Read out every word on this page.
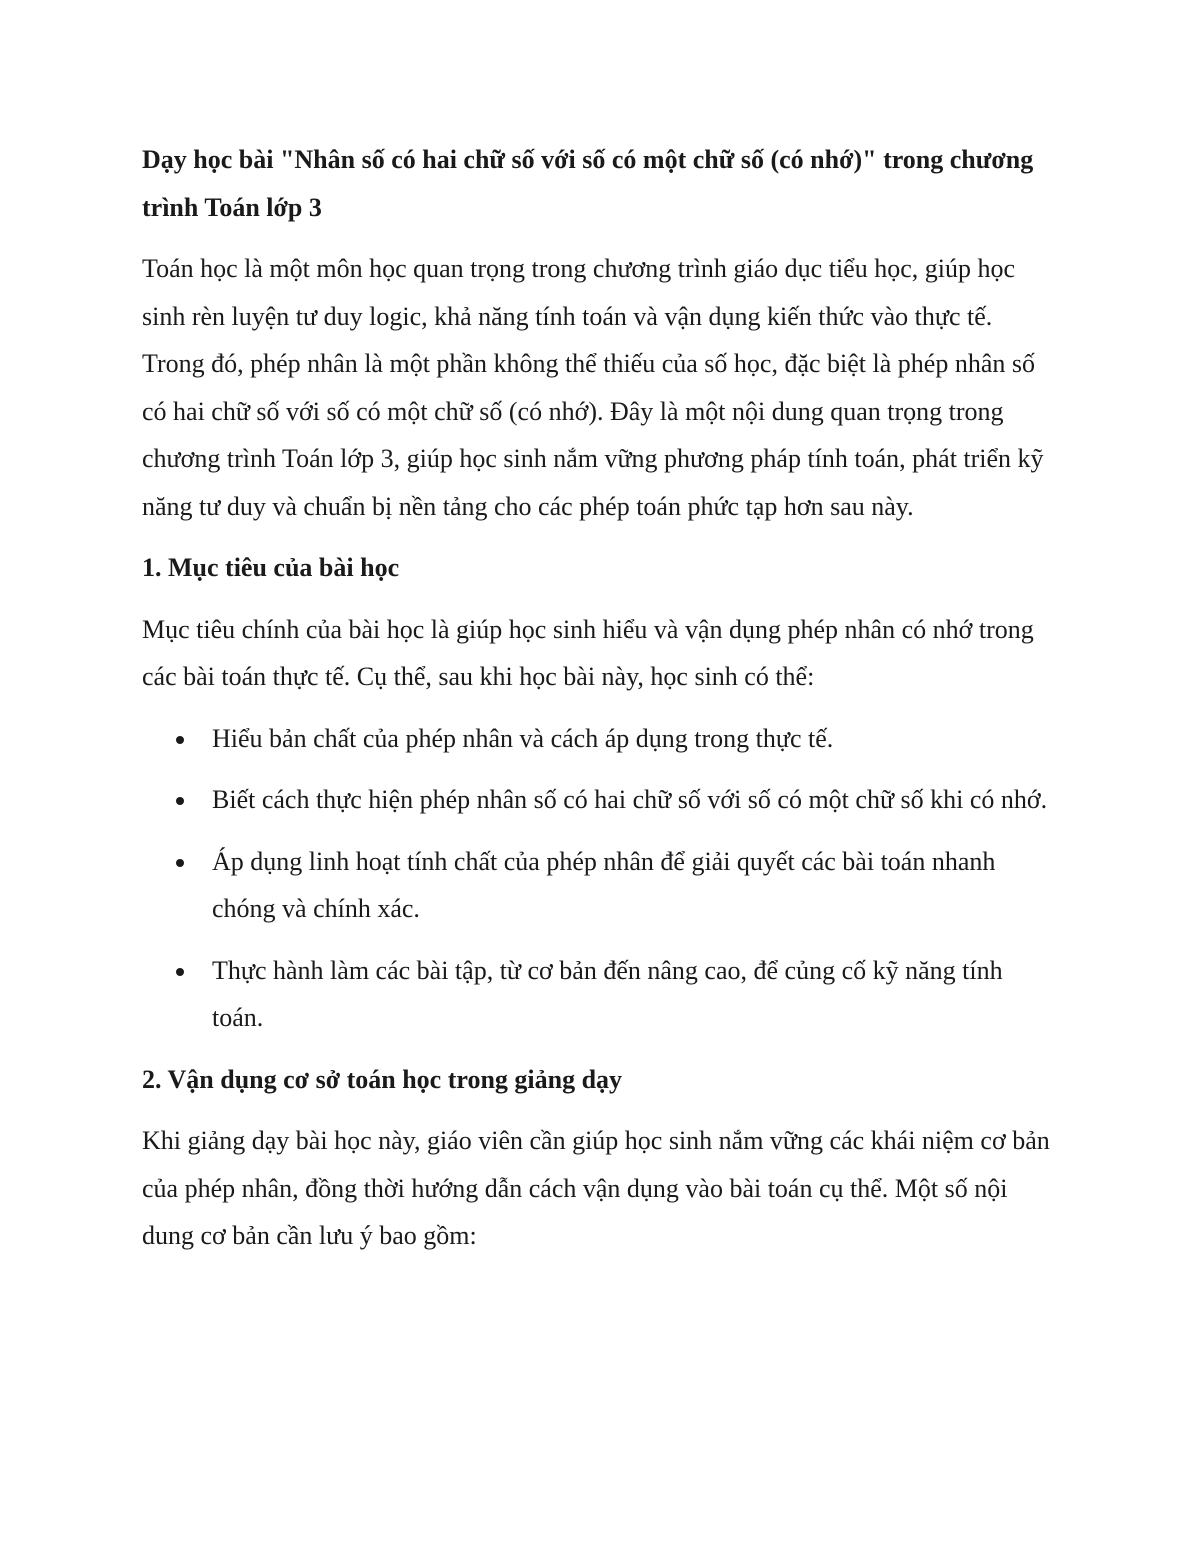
Dạy học bài "Nhân số có hai chữ số với số có một chữ số (có nhớ)" trong chương trình Toán lớp 3

Toán học là một môn học quan trọng trong chương trình giáo dục tiểu học, giúp học sinh rèn luyện tư duy logic, khả năng tính toán và vận dụng kiến thức vào thực tế. Trong đó, phép nhân là một phần không thể thiếu của số học, đặc biệt là phép nhân số có hai chữ số với số có một chữ số (có nhớ). Đây là một nội dung quan trọng trong chương trình Toán lớp 3, giúp học sinh nắm vững phương pháp tính toán, phát triển kỹ năng tư duy và chuẩn bị nền tảng cho các phép toán phức tạp hơn sau này.

1. Mục tiêu của bài học

Mục tiêu chính của bài học là giúp học sinh hiểu và vận dụng phép nhân có nhớ trong các bài toán thực tế. Cụ thể, sau khi học bài này, học sinh có thể:

Hiểu bản chất của phép nhân và cách áp dụng trong thực tế.
Biết cách thực hiện phép nhân số có hai chữ số với số có một chữ số khi có nhớ.
Áp dụng linh hoạt tính chất của phép nhân để giải quyết các bài toán nhanh chóng và chính xác.
Thực hành làm các bài tập, từ cơ bản đến nâng cao, để củng cố kỹ năng tính toán.

2. Vận dụng cơ sở toán học trong giảng dạy

Khi giảng dạy bài học này, giáo viên cần giúp học sinh nắm vững các khái niệm cơ bản của phép nhân, đồng thời hướng dẫn cách vận dụng vào bài toán cụ thể. Một số nội dung cơ bản cần lưu ý bao gồm:
